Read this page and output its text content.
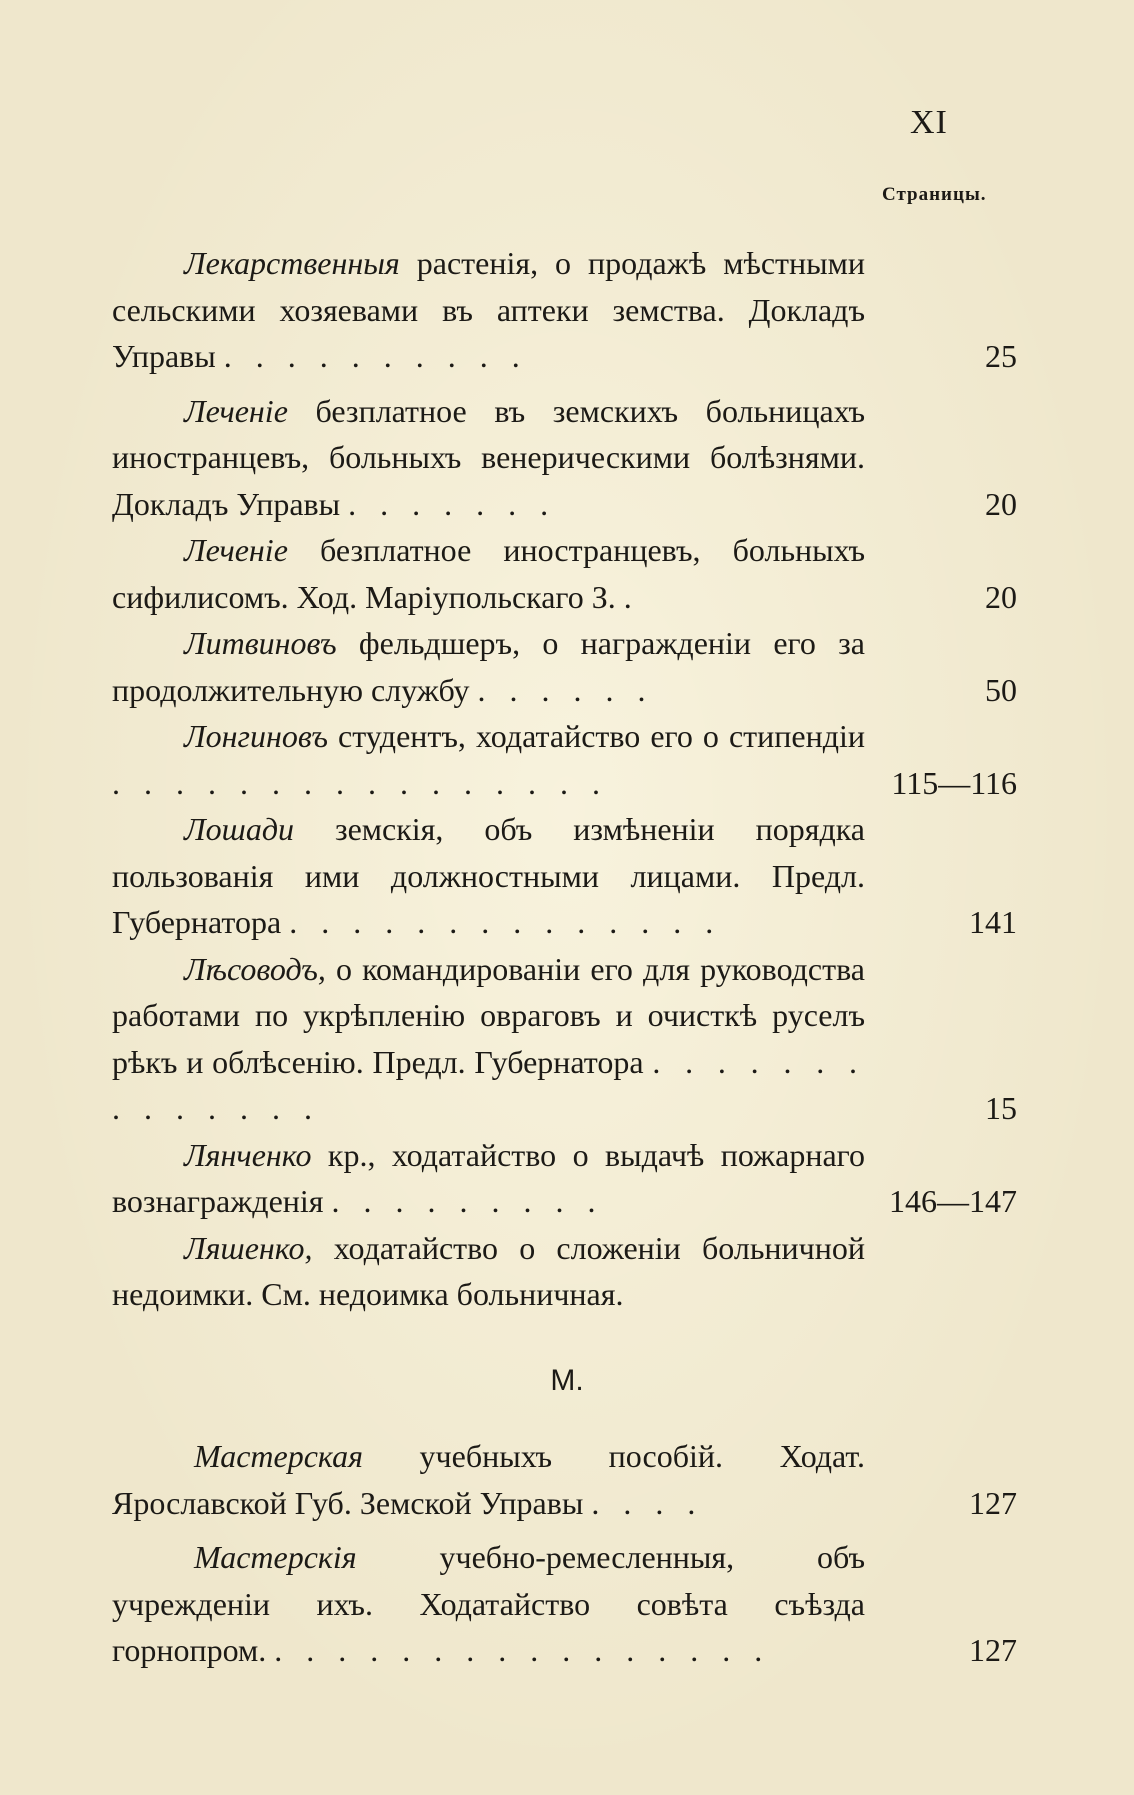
XI
Страницы.

Лекарственныя растенія, о продажѣ мѣстными сельскими хозяевами въ аптеки земства. Докладъ Управы . . . . . . . . . .	25

Леченіе безплатное въ земскихъ больницахъ иностранцевъ, больныхъ венерическими болѣзнями. Докладъ Управы . . . . . . .	20

Леченіе безплатное иностранцевъ, больныхъ сифилисомъ. Ход. Маріупольскаго З. .	20

Литвиновъ фельдшеръ, о награжденіи его за продолжительную службу . . . . . .	50

Лонгиновъ студентъ, ходатайство его о стипендіи . . . . . . . . . . . . . . . .	115—116

Лошади земскія, объ измѣненіи порядка пользованія ими должностными лицами. Предл. Губернатора . . . . . . . . . . . . . .	141

Лѣсоводъ, о командированіи его для руководства работами по укрѣпленію овраговъ и очисткѣ руселъ рѣкъ и облѣсенію. Предл. Губернатора . . . . . . . . . . . . . .	15

Лянченко кр., ходатайство о выдачѣ пожарнаго вознагражденія . . . . . . . . .	146—147

Ляшенко, ходатайство о сложеніи больничной недоимки. См. недоимка больничная.

М.

Мастерская учебныхъ пособій. Ходат. Ярославской Губ. Земской Управы . . . .	127

Мастерскія учебно-ремесленныя, объ учрежденіи ихъ. Ходатайство совѣта съѣзда горнопром. . . . . . . . . . . . . . . . .	127
